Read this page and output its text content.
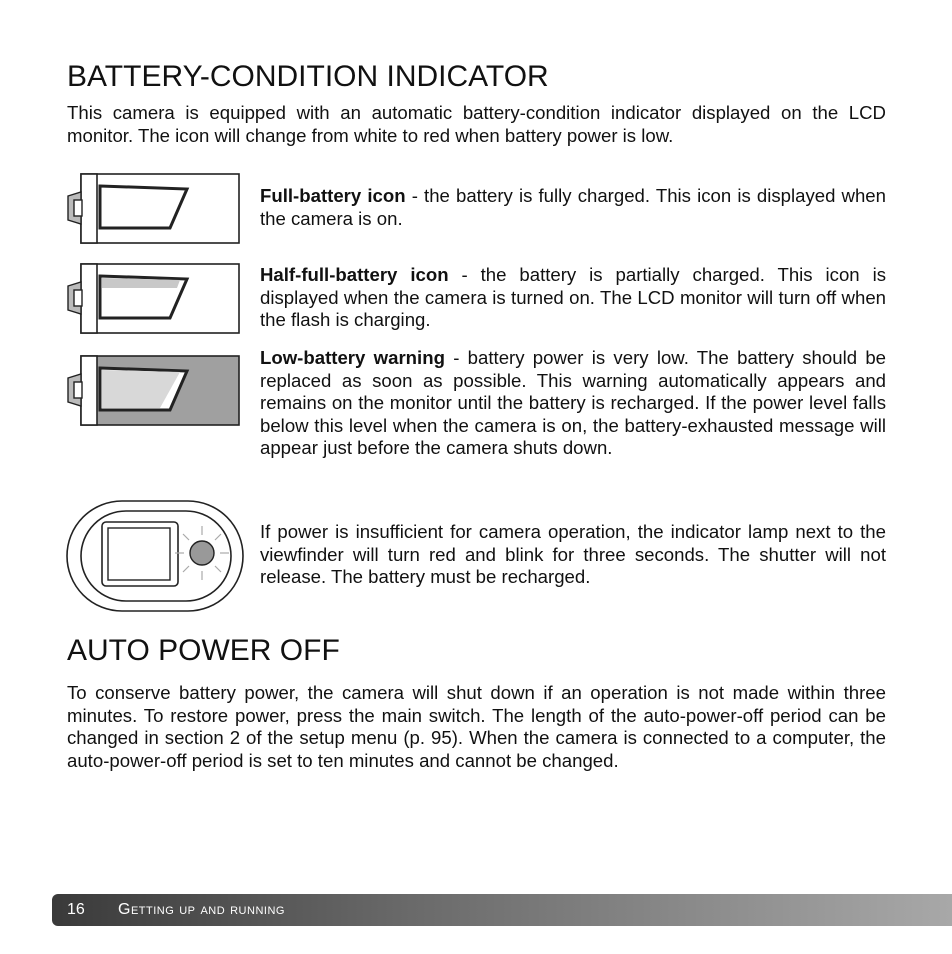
BATTERY-CONDITION INDICATOR

This camera is equipped with an automatic battery-condition indicator displayed on the LCD monitor. The icon will change from white to red when battery power is low.

Full-battery icon - the battery is fully charged. This icon is displayed when the camera is on.

Half-full-battery icon - the battery is partially charged. This icon is displayed when the camera is turned on. The LCD monitor will turn off when the flash is charging.

Low-battery warning - battery power is very low. The battery should be replaced as soon as possible. This warning automatically appears and remains on the monitor until the battery is recharged. If the power level falls below this level when the camera is on, the battery-exhausted message will appear just before the camera shuts down.

If power is insufficient for camera operation, the indicator lamp next to the viewfinder will turn red and blink for three seconds. The shutter will not release. The battery must be recharged.

AUTO POWER OFF

To conserve battery power, the camera will shut down if an operation is not made within three minutes. To restore power, press the main switch. The length of the auto-power-off period can be changed in section 2 of the setup menu (p. 95). When the camera is connected to a computer, the auto-power-off period is set to ten minutes and cannot be changed.

16 Getting up and running
